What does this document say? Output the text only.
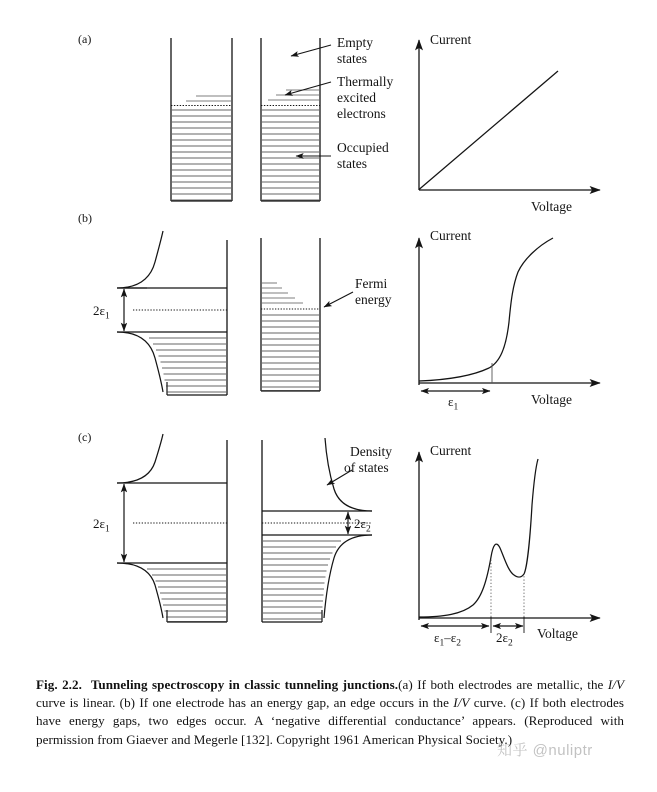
(a)	Empty
states
Thermally
excited
electrons
Occupied
states
Current
Voltage
(b)
$2\varepsilon_1$
Fermi
energy
$\varepsilon_1$
Current
Voltage
(c)
$2\varepsilon_1$	$2\varepsilon_2$
Density
of states
$\varepsilon_1-\varepsilon_2$	$2\varepsilon_2$
Current
Voltage
Fig. 2.2. Tunneling spectroscopy in classic tunneling junctions.(a) If both electrodes are metallic, the I/V curve is linear. (b) If one electrode has an energy gap, an edge occurs in the I/V curve. (c) If both electrodes have energy gaps, two edges occur. A ‘negative differential conductance’ appears. (Reproduced with permission from Giaever and Megerle [132]. Copyright 1961 American Physical Society.)
知乎 @nuliptr
